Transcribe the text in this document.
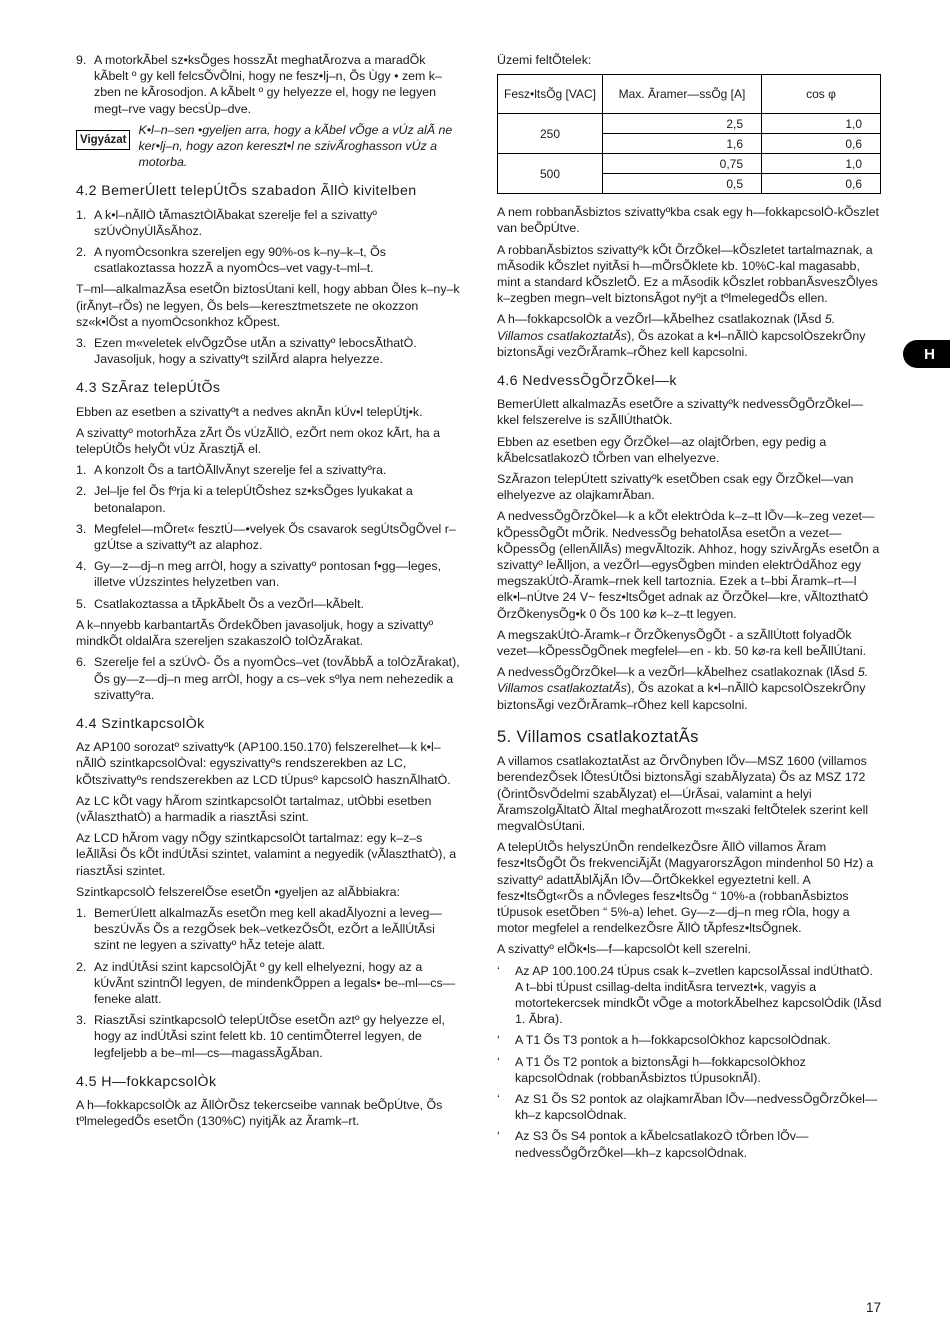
9. A motorkÃbel sz•ksÕges hosszÃt meghatÃrozva a maradÕk kÃbelt º gy kell felcsÕvÕlni, hogy ne fesz•lj–n, Õs Ùgy • zem k–zben ne kÃrosodjon. A kÃbelt º gy helyezze el, hogy ne legyen megt–rve vagy becsÙp–dve.
Vigyázat
K•l–n–sen •gyeljen arra, hogy a kÃbel vÕge a vÚz alÃ ne ker•lj–n, hogy azon kereszt•l ne szivÃroghasson vÚz a motorba.
4.2 BemerÚlett telepÚtÕs szabadon ÃllÒ kivitelben
1. A k•l–nÃllÒ tÃmasztÒlÃbakat szerelje fel a szivattyº szÚvÒnyÚlÃsÃhoz.
2. A nyomÒcsonkra szereljen egy 90%-os k–ny–k–t, Õs csatlakoztassa hozzÃ a nyomÒcs–vet vagy-t–ml–t.

T–ml—alkalmazÃsa esetÕn biztosÚtani kell, hogy abban Õles k–ny–k (irÃnyt–rÕs) ne legyen, Õs bels—keresztmetszete ne okozzon sz«k•lÕst a nyomÒcsonkhoz kÕpest.

3. Ezen m«veletek elvÕgzÕse utÃn a szivattyº lebocsÃthatÒ. Javasoljuk, hogy a szivattyºt szilÃrd alapra helyezze.
4.3 SzÃraz telepÚtÕs

Ebben az esetben a szivattyºt a nedves aknÃn kÚv•l telepÚtj•k.

A szivattyº motorhÃza zÃrt Õs vÚzÃllÒ, ezÕrt nem okoz kÃrt, ha a telepÚtÕs helyÕt vÚz ÃrasztjÃ el.

1. A konzolt Õs a tartÒÃllvÃnyt szerelje fel a szivattyºra.
2. Jel–lje fel Õs fºrja ki a telepÚtÕshez sz•ksÕges lyukakat a betonalapon.
3. Megfelel—mÕret« fesztÚ—•velyek Õs csavarok segÚtsÕgÕvel r–gzÚtse a szivattyºt az alaphoz.
4. Gy—z—dj–n meg arrÒl, hogy a szivattyº pontosan f•gg—leges, illetve vÚzszintes helyzetben van.
5. Csatlakoztassa a tÃpkÃbelt Õs a vezÕrl—kÃbelt.

A k–nnyebb karbantartÃs ÕrdekÕben javasoljuk, hogy a szivattyº mindkÕt oldalÃra szereljen szakaszolÒ tolÒzÃrakat.

6. Szerelje fel a szÚvÒ- Õs a nyomÒcs–vet (tovÃbbÃ a tolÒzÃrakat), Õs gy—z—dj–n meg arrÒl, hogy a cs–vek sºlya nem nehezedik a szivattyºra.
4.4 SzintkapcsolÒk

Az AP100 sorozatº szivattyºk (AP100.150.170) felszerelhet—k k•l–nÃllÒ szintkapcsolÒval: egyszivattyºs rendszerekben az LC, kÕtszivattyºs rendszerekben az LCD tÚpusº kapcsolÒ hasznÃlhatÒ.

Az LC kÕt vagy hÃrom szintkapcsolÒt tartalmaz, utÒbbi esetben (vÃlaszthatÒ) a harmadik a riasztÃsi szint.

Az LCD hÃrom vagy nÕgy szintkapcsolÒt tartalmaz: egy k–z–s leÃllÃsi Õs kÕt indÚtÃsi szintet, valamint a negyedik (vÃlaszthatÒ), a riasztÃsi szintet.

SzintkapcsolÒ felszerelÕse esetÕn •gyeljen az alÃbbiakra:

1. BemerÚlett alkalmazÃs esetÕn meg kell akadÃlyozni a leveg—beszÚvÃs Õs a rezgÕsek bek–vetkezÕsÕt, ezÕrt a leÃllÚtÃsi szint ne legyen a szivattyº hÃz teteje alatt.
2. Az indÚtÃsi szint kapcsolÒjÃt º gy kell elhelyezni, hogy az a kÚvÃnt szintnÕl legyen, de mindenkÕppen a legals• be–ml—cs—feneke alatt.
3. RiasztÃsi szintkapcsolÒ telepÚtÕse esetÕn aztº gy helyezze el, hogy az indÚtÃsi szint felett kb. 10 centimÕterrel legyen, de legfeljebb a be–ml—cs—magassÃgÃban.
4.5 H—fokkapcsolÒk

A h—fokkapcsolÒk az ÃllÒrÕsz tekercseibe vannak beÕpÚtve, Õs tºlmelegedÕs esetÕn (130%C) nyitjÃk az Ãramk–rt.

Üzemi feltÕtelek:

Fesz•ltsÕg [VAC]	Max. Ãramer—ssÕg [A]	cos φ
250	2,5	1,0
	1,6	0,6
500	0,75	1,0
	0,5	0,6

A nem robbanÃsbiztos szivattyºkba csak egy h—fokkapcsolÒ-kÕszlet van beÕpÚtve.

A robbanÃsbiztos szivattyºk kÕt ÕrzÕkel—kÕszletet tartalmaznak, a mÃsodik kÕszlet nyitÃsi h—mÕrsÕklete kb. 10%C-kal magasabb, mint a standard kÕszletÕ. Ez a mÃsodik kÕszlet robbanÃsveszÕlyes k–zegben megn–velt biztonsÃgot nyºjt a tºlmelegedÕs ellen.

A h—fokkapcsolÒk a vezÕrl—kÃbelhez csatlakoznak (lÃsd 5. Villamos csatlakoztatÃs), Õs azokat a k•l–nÃllÒ kapcsolÒszekrÕny biztonsÃgi vezÕrÃramk–rÕhez kell kapcsolni.

4.6 NedvessÕgÕrzÕkel—k

BemerÚlett alkalmazÃs esetÕre a szivattyºk nedvessÕgÕrzÕkel—kkel felszerelve is szÃllÚthatÒk.

Ebben az esetben egy ÕrzÕkel—az olajtÕrben, egy pedig a kÃbelcsatlakozÒ tÕrben van elhelyezve.

SzÃrazon telepÚtett szivattyºk esetÕben csak egy ÕrzÕkel—van elhelyezve az olajkamrÃban.

A nedvessÕgÕrzÕkel—k a kÕt elektrÒda k–z–tt lÕv—k–zeg vezet—kÕpessÕgÕt mÕrik. NedvessÕg behatolÃsa esetÕn a vezet—kÕpessÕg (ellenÃllÃs) megvÃltozik. Ahhoz, hogy szivÃrgÃs esetÕn a szivattyº leÃlljon, a vezÕrl—egysÕgben minden elektrÒdÃhoz egy megszakÚtÒ-Ãramk–rnek kell tartoznia. Ezek a t–bbi Ãramk–rt—l elk•l–nÚtve 24 V~ fesz•ltsÕget adnak az ÕrzÕkel—kre, vÃltozthatÒ ÕrzÕkenysÕg•k 0 Õs 100 k⌀ k–z–tt legyen.

A megszakÚtÒ-Ãramk–r ÕrzÕkenysÕgÕt - a szÃllÚtott folyadÕk vezet—kÕpessÕgÕnek megfelel—en - kb. 50 k⌀-ra kell beÃllÚtani.

A nedvessÕgÕrzÕkel—k a vezÕrl—kÃbelhez csatlakoznak (lÃsd 5. Villamos csatlakoztatÃs), Õs azokat a k•l–nÃllÒ kapcsolÒszekrÕny biztonsÃgi vezÕrÃramk–rÕhez kell kapcsolni.

5. Villamos csatlakoztatÃs

A villamos csatlakoztatÃst az ÕrvÕnyben lÕv—MSZ 1600 (villamos berendezÕsek lÕtesÚtÕsi biztonsÃgi szabÃlyzata) Õs az MSZ 172 (ÕrintÕsvÕdelmi szabÃlyzat) el—ÚrÃsai, valamint a helyi ÃramszolgÃltatÒ Ãltal meghatÃrozott m«szaki feltÕtelek szerint kell megvalÒsÚtani.

A telepÚtÕs helyszÚnÕn rendelkezÕsre ÃllÒ villamos Ãram fesz•ltsÕgÕt Õs frekvenciÃjÃt (MagyarorszÃgon mindenhol 50 Hz) a szivattyº adattÃblÃjÃn lÕv—ÕrtÕkekkel egyeztetni kell. A fesz•ltsÕgt«rÕs a nÕvleges fesz•ltsÕg “ 10%-a (robbanÃsbiztos tÚpusok esetÕben “ 5%-a) lehet. Gy—z—dj–n meg rÒla, hogy a motor megfelel a rendelkezÕsre ÃllÒ tÃpfesz•ltsÕgnek.

A szivattyº elÕk•ls—f—kapcsolÒt kell szerelni.

‘	Az AP 100.100.24 tÚpus csak k–zvetlen kapcsolÃssal indÚthatÒ. A t–bbi tÚpust csillag-delta inditÃsra tervezt•k, vagyis a motortekercsek mindkÕt vÕge a motorkÃbelhez kapcsolÒdik (lÃsd 1. Ãbra).
‘	A T1 Õs T3 pontok a h—fokkapcsolÒkhoz kapcsolÒdnak.
‘	A T1 Õs T2 pontok a biztonsÃgi h—fokkapcsolÒkhoz kapcsolÒdnak (robbanÃsbiztos tÚpusoknÃl).
‘	Az S1 Õs S2 pontok az olajkamrÃban lÕv—nedvessÕgÕrzÕkel—kh–z kapcsolÒdnak.
‘	Az S3 Õs S4 pontok a kÃbelcsatlakozÒ tÕrben lÕv—nedvessÕgÕrzÕkel—kh–z kapcsolÒdnak.
H
17
